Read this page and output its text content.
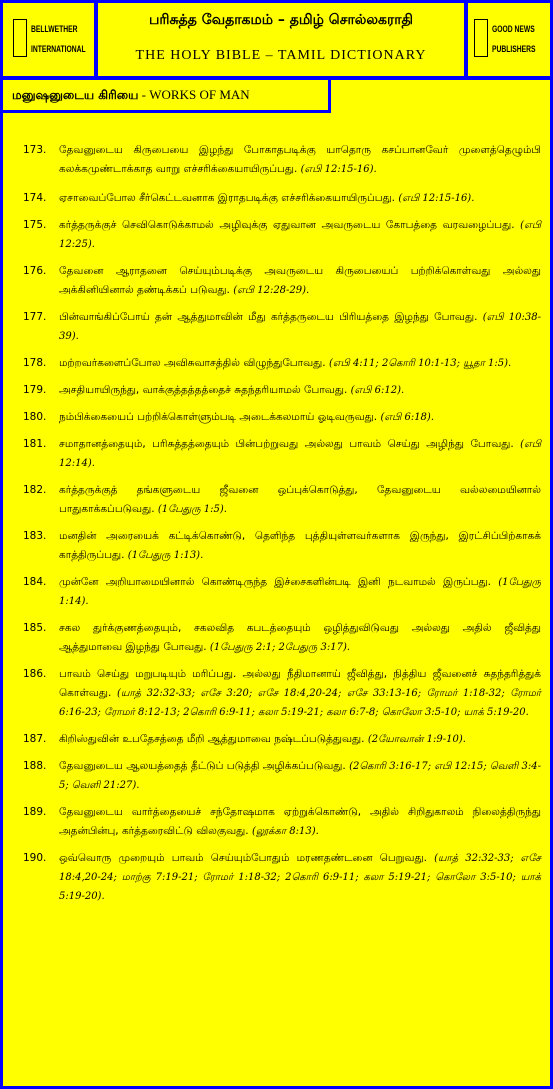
BELLWETHER
INTERNATIONAL
பரிசுத்த வேதாகமம் – தமிழ் சொல்லகராதி
THE HOLY BIBLE – TAMIL DICTIONARY
GOOD NEWS
PUBLISHERS
மனுஷனுடைய கிரியை - WORKS OF MAN
173.	தேவனுடைய கிருபையை இழந்து போகாதபடிக்கு யாதொரு கசப்பானவேர் முளைத்தெழும்பி கலக்கமுண்டாக்காத வாறு எச்சரிக்கையாயிருப்பது. (எபி 12:15-16).
174.	ஏசாவைப்போல சீர்கெட்டவனாக இராதபடிக்கு எச்சரிக்கையாயிருப்பது. (எபி 12:15-16).
175.	கர்த்தருக்குச் செவிகொடுக்காமல் அழிவுக்கு ஏதுவான அவருடைய கோபத்தை வரவழைப்பது. (எபி 12:25).
176.	தேவனை ஆராதனை செய்யும்படிக்கு அவருடைய கிருபையைப் பற்றிக்கொள்வது அல்லது அக்கினியினால் தண்டிக்கப் படுவது. (எபி 12:28-29).
177.	பின்வாங்கிப்போய் தன் ஆத்துமாவின் மீது கர்த்தருடைய பிரியத்தை இழந்து போவது. (எபி 10:38-39).
178.	மற்றவர்களைப்போல அவிசுவாசத்தில் விழுந்துபோவது. (எபி 4:11; 2கொரி 10:1-13; யூதா 1:5).
179.	அசதியாயிருந்து, வாக்குத்தத்தத்தைச் சுதந்தரியாமல் போவது. (எபி 6:12).
180.	நம்பிக்கையைப் பற்றிக்கொள்ளும்படி அடைக்கலமாய் ஓடிவருவது. (எபி 6:18).
181.	சமாதானத்தையும், பரிசுத்தத்தையும் பின்பற்றுவது அல்லது பாவம் செய்து அழிந்து போவது. (எபி 12:14).
182.	கர்த்தருக்குத் தங்களுடைய ஜீவனை ஒப்புக்கொடுத்து, தேவனுடைய வல்லமையினால் பாதுகாக்கப்படுவது. (1பேதுரு 1:5).
183.	மனதின் அரையைக் கட்டிக்கொண்டு, தெளிந்த புத்தியுள்ளவர்களாக இருந்து, இரட்சிப்பிற்காகக் காத்திருப்பது. (1பேதுரு 1:13).
184.	முன்னே அறியாமையினால் கொண்டிருந்த இச்சைகளின்படி இனி நடவாமல் இருப்பது. (1பேதுரு 1:14).
185.	சகல துர்க்குணத்தையும், சகலவித கபடத்தையும் ஒழித்துவிடுவது அல்லது அதில் ஜீவித்து ஆத்துமாவை இழந்து போவது. (1பேதுரு 2:1; 2பேதுரு 3:17).
186.	பாவம் செய்து மறுபடியும் மரிப்பது. அல்லது நீதிமானாய் ஜீவித்து, நித்திய ஜீவனைச் சுதந்தரித்துக் கொள்வது. (யாத் 32:32-33; எசே 3:20; எசே 18:4,20-24; எசே 33:13-16; ரோமர் 1:18-32; ரோமர் 6:16-23; ரோமர் 8:12-13; 2கொரி 6:9-11; கலா 5:19-21; கலா 6:7-8; கொலோ 3:5-10; யாக் 5:19-20.
187.	கிறிஸ்துவின் உபதேசத்தை மீறி ஆத்துமாவை நஷ்டப்படுத்துவது. (2யோவான் 1:9-10).
188.	தேவனுடைய ஆலயத்தைத் தீட்டுப் படுத்தி அழிக்கப்படுவது. (2கொரி 3:16-17; எபி 12:15; வெளி 3:4-5; வெளி 21:27).
189.	தேவனுடைய வார்த்தையைச் சந்தோஷமாக ஏற்றுக்கொண்டு, அதில் சிறிதுகாலம் நிலைத்திருந்து அதன்பின்பு, கர்த்தரைவிட்டு விலகுவது. (லூக்கா 8:13).
190.	ஒவ்வொரு முறையும் பாவம் செய்யும்போதும் மரணதண்டனை பெறுவது. (யாத் 32:32-33; எசே 18:4,20-24; மாற்கு 7:19-21; ரோமர் 1:18-32; 2கொரி 6:9-11; கலா 5:19-21; கொலோ 3:5-10; யாக் 5:19-20).
